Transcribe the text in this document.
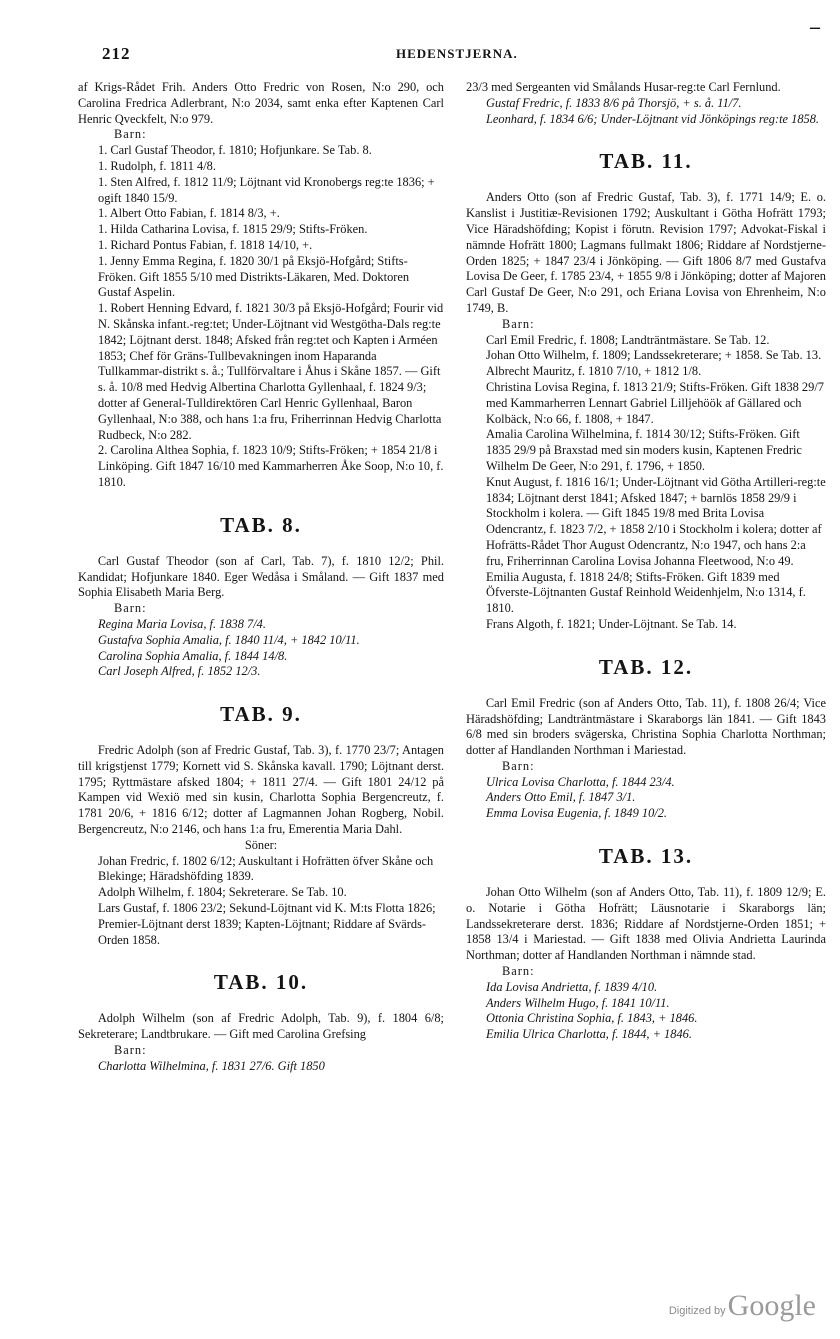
212	HEDENSTJERNA.
–

af Krigs-Rådet Frih. Anders Otto Fredric von Rosen, N:o 290, och Carolina Fredrica Adlerbrant, N:o 2034, samt enka efter Kaptenen Carl Henric Qveckfelt, N:o 979.

Barn:

1. Carl Gustaf Theodor, f. 1810; Hofjunkare. Se Tab. 8.

1. Rudolph, f. 1811 4/8.

1. Sten Alfred, f. 1812 11/9; Löjtnant vid Kronobergs reg:te 1836; + ogift 1840 15/9.

1. Albert Otto Fabian, f. 1814 8/3, +.

1. Hilda Catharina Lovisa, f. 1815 29/9; Stifts-Fröken.

1. Richard Pontus Fabian, f. 1818 14/10, +.

1. Jenny Emma Regina, f. 1820 30/1 på Eksjö-Hofgård; Stifts-Fröken. Gift 1855 5/10 med Distrikts-Läkaren, Med. Doktoren Gustaf Aspelin.

1. Robert Henning Edvard, f. 1821 30/3 på Eksjö-Hofgård; Fourir vid N. Skånska infant.-reg:tet; Under-Löjtnant vid Westgötha-Dals reg:te 1842; Löjtnant derst. 1848; Afsked från reg:tet och Kapten i Arméen 1853; Chef för Gräns-Tullbevakningen inom Haparanda Tullkammar-distrikt s. å.; Tullförvaltare i Åhus i Skåne 1857. — Gift s. å. 10/8 med Hedvig Albertina Charlotta Gyllenhaal, f. 1824 9/3; dotter af General-Tulldirektören Carl Henric Gyllenhaal, Baron Gyllenhaal, N:o 388, och hans 1:a fru, Friherrinnan Hedvig Charlotta Rudbeck, N:o 282.

2. Carolina Althea Sophia, f. 1823 10/9; Stifts-Fröken; + 1854 21/8 i Linköping. Gift 1847 16/10 med Kammarherren Åke Soop, N:o 10, f. 1810.

TAB. 8.

Carl Gustaf Theodor (son af Carl, Tab. 7), f. 1810 12/2; Phil. Kandidat; Hofjunkare 1840. Eger Wedåsa i Småland. — Gift 1837 med Sophia Elisabeth Maria Berg.

Barn:

Regina Maria Lovisa, f. 1838 7/4.

Gustafva Sophia Amalia, f. 1840 11/4, + 1842 10/11.

Carolina Sophia Amalia, f. 1844 14/8.

Carl Joseph Alfred, f. 1852 12/3.

TAB. 9.

Fredric Adolph (son af Fredric Gustaf, Tab. 3), f. 1770 23/7; Antagen till krigstjenst 1779; Kornett vid S. Skånska kavall. 1790; Löjtnant derst. 1795; Ryttmästare afsked 1804; + 1811 27/4. — Gift 1801 24/12 på Kampen vid Wexiö med sin kusin, Charlotta Sophia Bergencreutz, f. 1781 20/6, + 1816 6/12; dotter af Lagmannen Johan Rogberg, Nobil. Bergencreutz, N:o 2146, och hans 1:a fru, Emerentia Maria Dahl.

Söner:

Johan Fredric, f. 1802 6/12; Auskultant i Hofrätten öfver Skåne och Blekinge; Häradshöfding 1839.

Adolph Wilhelm, f. 1804; Sekreterare. Se Tab. 10.

Lars Gustaf, f. 1806 23/2; Sekund-Löjtnant vid K. M:ts Flotta 1826; Premier-Löjtnant derst 1839; Kapten-Löjtnant; Riddare af Svärds-Orden 1858.

TAB. 10.

Adolph Wilhelm (son af Fredric Adolph, Tab. 9), f. 1804 6/8; Sekreterare; Landtbrukare. — Gift med Carolina Grefsing

Barn:

Charlotta Wilhelmina, f. 1831 27/6. Gift 1850

23/3 med Sergeanten vid Smålands Husar-reg:te Carl Fernlund.

Gustaf Fredric, f. 1833 8/6 på Thorsjö, + s. å. 11/7.

Leonhard, f. 1834 6/6; Under-Löjtnant vid Jönköpings reg:te 1858.

TAB. 11.

Anders Otto (son af Fredric Gustaf, Tab. 3), f. 1771 14/9; E. o. Kanslist i Justitiæ-Revisionen 1792; Auskultant i Götha Hofrätt 1793; Vice Häradshöfding; Kopist i förutn. Revision 1797; Advokat-Fiskal i nämnde Hofrätt 1800; Lagmans fullmakt 1806; Riddare af Nordstjerne-Orden 1825; + 1847 23/4 i Jönköping. — Gift 1806 8/7 med Gustafva Lovisa De Geer, f. 1785 23/4, + 1855 9/8 i Jönköping; dotter af Majoren Carl Gustaf De Geer, N:o 291, och Eriana Lovisa von Ehrenheim, N:o 1749, B.

Barn:

Carl Emil Fredric, f. 1808; Landträntmästare. Se Tab. 12.

Johan Otto Wilhelm, f. 1809; Landssekreterare; + 1858. Se Tab. 13.

Albrecht Mauritz, f. 1810 7/10, + 1812 1/8.

Christina Lovisa Regina, f. 1813 21/9; Stifts-Fröken. Gift 1838 29/7 med Kammarherren Lennart Gabriel Lilljehöök af Gällared och Kolbäck, N:o 66, f. 1808, + 1847.

Amalia Carolina Wilhelmina, f. 1814 30/12; Stifts-Fröken. Gift 1835 29/9 på Braxstad med sin moders kusin, Kaptenen Fredric Wilhelm De Geer, N:o 291, f. 1796, + 1850.

Knut August, f. 1816 16/1; Under-Löjtnant vid Götha Artilleri-reg:te 1834; Löjtnant derst 1841; Afsked 1847; + barnlös 1858 29/9 i Stockholm i kolera. — Gift 1845 19/8 med Brita Lovisa Odencrantz, f. 1823 7/2, + 1858 2/10 i Stockholm i kolera; dotter af Hofrätts-Rådet Thor August Odencrantz, N:o 1947, och hans 2:a fru, Friherrinnan Carolina Lovisa Johanna Fleetwood, N:o 49.

Emilia Augusta, f. 1818 24/8; Stifts-Fröken. Gift 1839 med Öfverste-Löjtnanten Gustaf Reinhold Weidenhjelm, N:o 1314, f. 1810.

Frans Algoth, f. 1821; Under-Löjtnant. Se Tab. 14.

TAB. 12.

Carl Emil Fredric (son af Anders Otto, Tab. 11), f. 1808 26/4; Vice Häradshöfding; Landträntmästare i Skaraborgs län 1841. — Gift 1843 6/8 med sin broders svägerska, Christina Sophia Charlotta Northman; dotter af Handlanden Northman i Mariestad.

Barn:

Ulrica Lovisa Charlotta, f. 1844 23/4.

Anders Otto Emil, f. 1847 3/1.

Emma Lovisa Eugenia, f. 1849 10/2.

TAB. 13.

Johan Otto Wilhelm (son af Anders Otto, Tab. 11), f. 1809 12/9; E. o. Notarie i Götha Hofrätt; Läusnotarie i Skaraborgs län; Landssekreterare derst. 1836; Riddare af Nordstjerne-Orden 1851; + 1858 13/4 i Mariestad. — Gift 1838 med Olivia Andrietta Laurinda Northman; dotter af Handlanden Northman i nämnde stad.

Barn:

Ida Lovisa Andrietta, f. 1839 4/10.

Anders Wilhelm Hugo, f. 1841 10/11.

Ottonia Christina Sophia, f. 1843, + 1846.

Emilia Ulrica Charlotta, f. 1844, + 1846.

Digitized by Google
